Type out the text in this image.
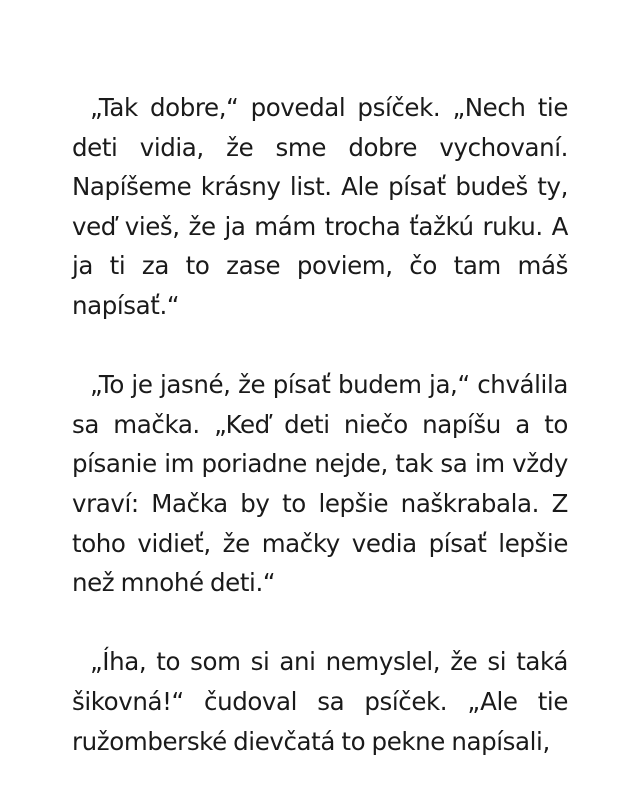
„Tak dobre,“ povedal psíček. „Nech tie deti vidia, že sme dobre vychovaní. Napíšeme krásny list. Ale písať budeš ty, veď vieš, že ja mám trocha ťažkú ruku. A ja ti za to zase poviem, čo tam máš napísať.“

„To je jasné, že písať budem ja,“ chválila sa mačka. „Keď deti niečo napíšu a to písanie im poriadne nejde, tak sa im vždy vraví: Mačka by to lepšie naškrabala. Z toho vidieť, že mačky vedia písať lepšie než mnohé deti.“

„Íha, to som si ani nemyslel, že si taká šikovná!“ čudoval sa psíček. „Ale tie ružomberské dievčatá to pekne napísali,
